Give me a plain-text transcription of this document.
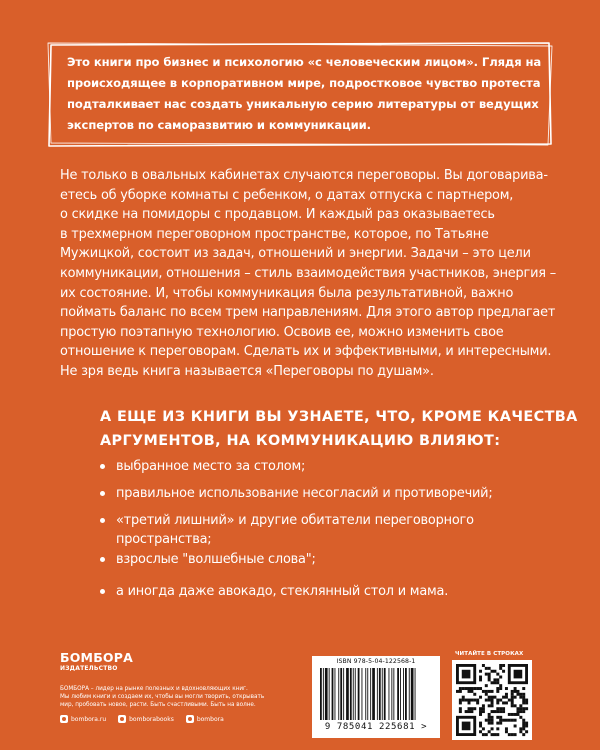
Это книги про бизнес и психологию «с человеческим лицом». Глядя на
происходящее в корпоративном мире, подростковое чувство протеста
подталкивает нас создать уникальную серию литературы от ведущих
экспертов по саморазвитию и коммуникации.
Не только в овальных кабинетах случаются переговоры. Вы договарива-
етесь об уборке комнаты с ребенком, о датах отпуска с партнером,
о скидке на помидоры с продавцом. И каждый раз оказываетесь
в трехмерном переговорном пространстве, которое, по Татьяне
Мужицкой, состоит из задач, отношений и энергии. Задачи – это цели
коммуникации, отношения – стиль взаимодействия участников, энергия –
их состояние. И, чтобы коммуникация была результативной, важно
поймать баланс по всем трем направлениям. Для этого автор предлагает
простую поэтапную технологию. Освоив ее, можно изменить свое
отношение к переговорам. Сделать их и эффективными, и интересными.
Не зря ведь книга называется «Переговоры по душам».
А ЕЩЕ ИЗ КНИГИ ВЫ УЗНАЕТЕ, ЧТО, КРОМЕ КАЧЕСТВА
АРГУМЕНТОВ, НА КОММУНИКАЦИЮ ВЛИЯЮТ:
выбранное место за столом;
правильное использование несогласий и противоречий;
«третий лишний» и другие обитатели переговорного
пространства;
взрослые "волшебные слова";
а иногда даже авокадо, стеклянный стол и мама.
БОМБОРА
ИЗДАТЕЛЬСТВО
БОМБОРА – лидер на рынке полезных и вдохновляющих книг.
Мы любим книги и создаем их, чтобы вы могли творить, открывать
мир, пробовать новое, расти. Быть счастливыми. Быть на волне.
bombora.ru	bomborabooks	bombora
ISBN 978-5-04-122568-1
9 785041 225681 >
ЧИТАЙТЕ В СТРОКАХ
